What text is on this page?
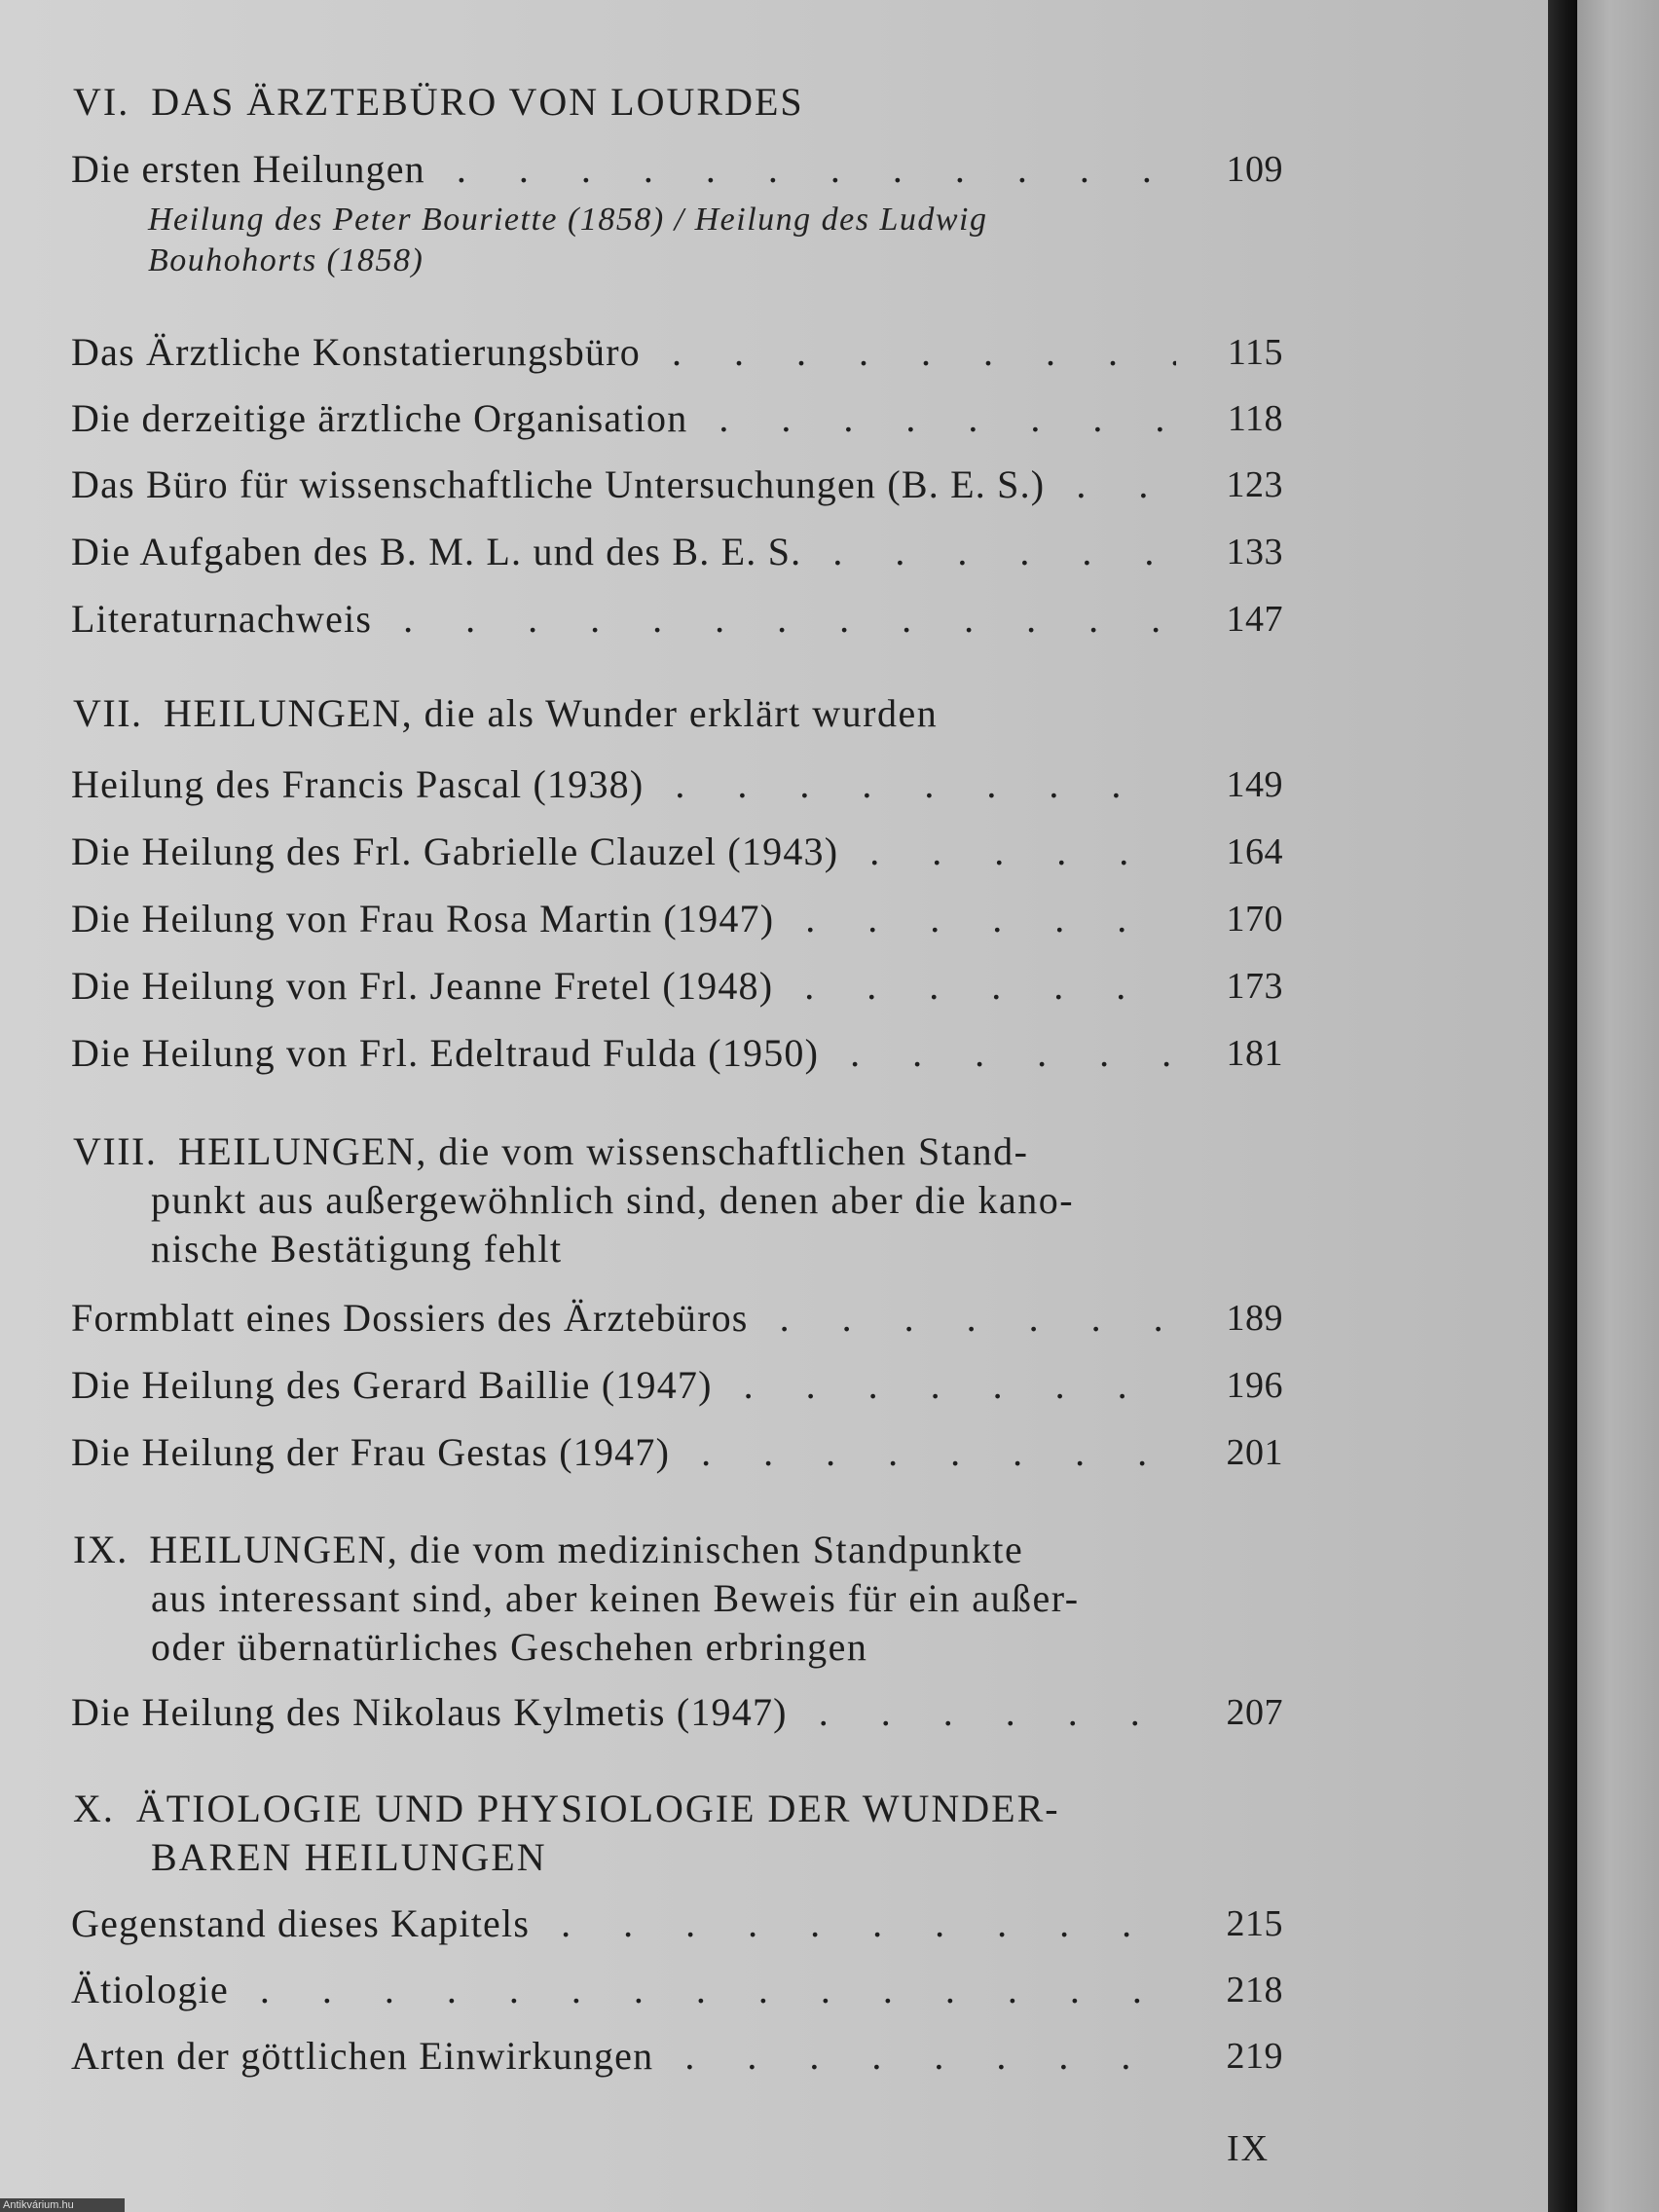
VI. DAS ÄRZTEBÜRO VON LOURDES
Die ersten Heilungen . . .	109
Heilung des Peter Bouriette (1858) / Heilung des Ludwig
Bouhohorts (1858)
Das Ärztliche Konstatierungsbüro . . .	115
Die derzeitige ärztliche Organisation . . .	118
Das Büro für wissenschaftliche Untersuchungen (B. E. S.) . . .	123
Die Aufgaben des B. M. L. und des B. E. S. . . .	133
Literaturnachweis . . .	147
VII. HEILUNGEN, die als Wunder erklärt wurden
Heilung des Francis Pascal (1938) . . .	149
Die Heilung des Frl. Gabrielle Clauzel (1943) . . .	164
Die Heilung von Frau Rosa Martin (1947) . . .	170
Die Heilung von Frl. Jeanne Fretel (1948) . . .	173
Die Heilung von Frl. Edeltraud Fulda (1950) . . .	181
VIII. HEILUNGEN, die vom wissenschaftlichen Stand-
punkt aus außergewöhnlich sind, denen aber die kano-
nische Bestätigung fehlt
Formblatt eines Dossiers des Ärztebüros . . .	189
Die Heilung des Gerard Baillie (1947) . . .	196
Die Heilung der Frau Gestas (1947) . . .	201
IX. HEILUNGEN, die vom medizinischen Standpunkte
aus interessant sind, aber keinen Beweis für ein außer-
oder übernatürliches Geschehen erbringen
Die Heilung des Nikolaus Kylmetis (1947) . . .	207
X. ÄTIOLOGIE UND PHYSIOLOGIE DER WUNDER-
BAREN HEILUNGEN
Gegenstand dieses Kapitels . . .	215
Ätiologie . . .	218
Arten der göttlichen Einwirkungen . . .	219
IX
Antikvárium.hu
